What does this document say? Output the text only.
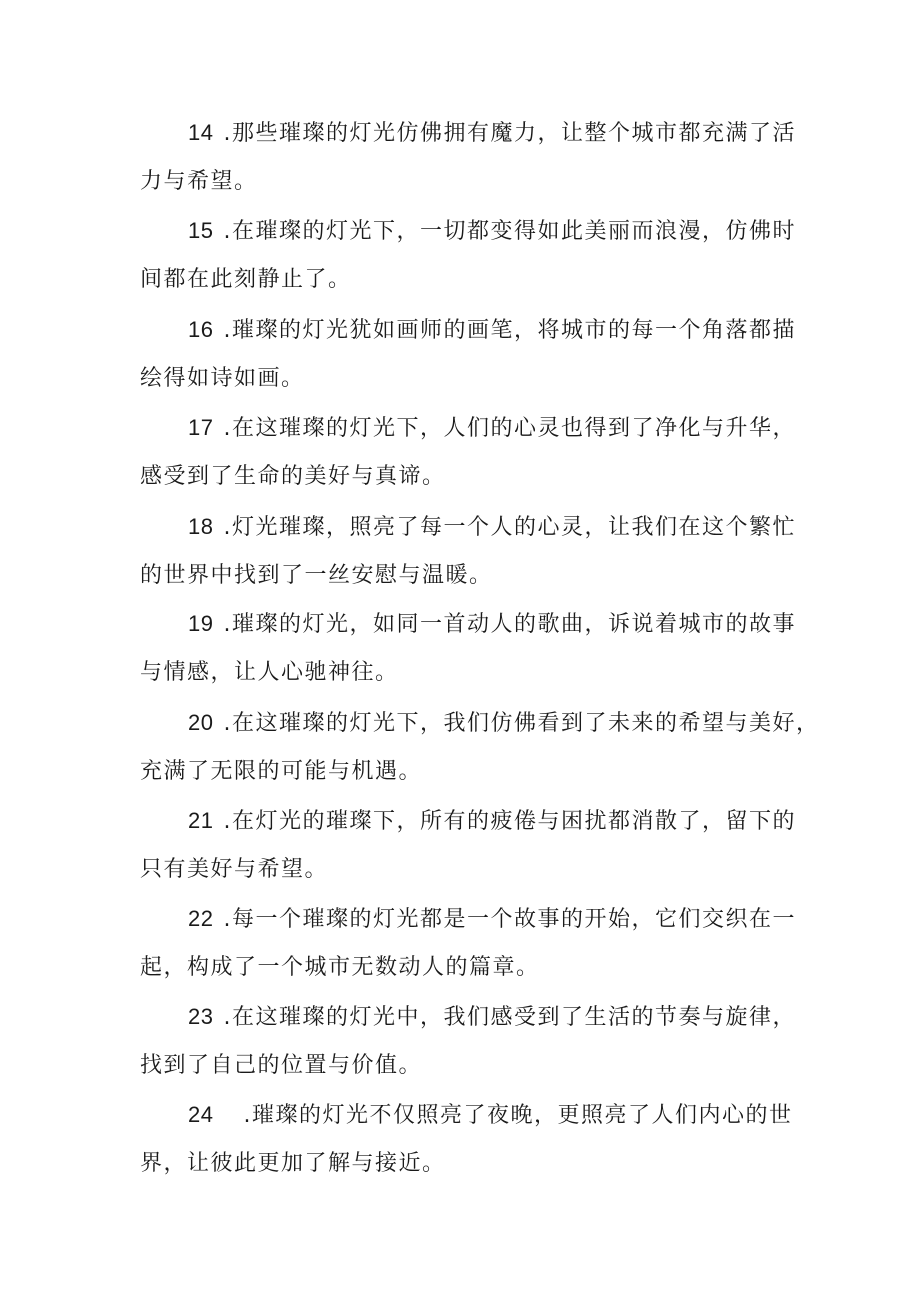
14 .那些璀璨的灯光仿佛拥有魔力，让整个城市都充满了活
力与希望。
15 .在璀璨的灯光下，一切都变得如此美丽而浪漫，仿佛时
间都在此刻静止了。
16 .璀璨的灯光犹如画师的画笔，将城市的每一个角落都描
绘得如诗如画。
17 .在这璀璨的灯光下，人们的心灵也得到了净化与升华，
感受到了生命的美好与真谛。
18 .灯光璀璨，照亮了每一个人的心灵，让我们在这个繁忙
的世界中找到了一丝安慰与温暖。
19 .璀璨的灯光，如同一首动人的歌曲，诉说着城市的故事
与情感，让人心驰神往。
20 .在这璀璨的灯光下，我们仿佛看到了未来的希望与美好，
充满了无限的可能与机遇。
21 .在灯光的璀璨下，所有的疲倦与困扰都消散了，留下的
只有美好与希望。
22 .每一个璀璨的灯光都是一个故事的开始，它们交织在一
起，构成了一个城市无数动人的篇章。
23 .在这璀璨的灯光中，我们感受到了生活的节奏与旋律，
找到了自己的位置与价值。
24 .璀璨的灯光不仅照亮了夜晚，更照亮了人们内心的世
界，让彼此更加了解与接近。
